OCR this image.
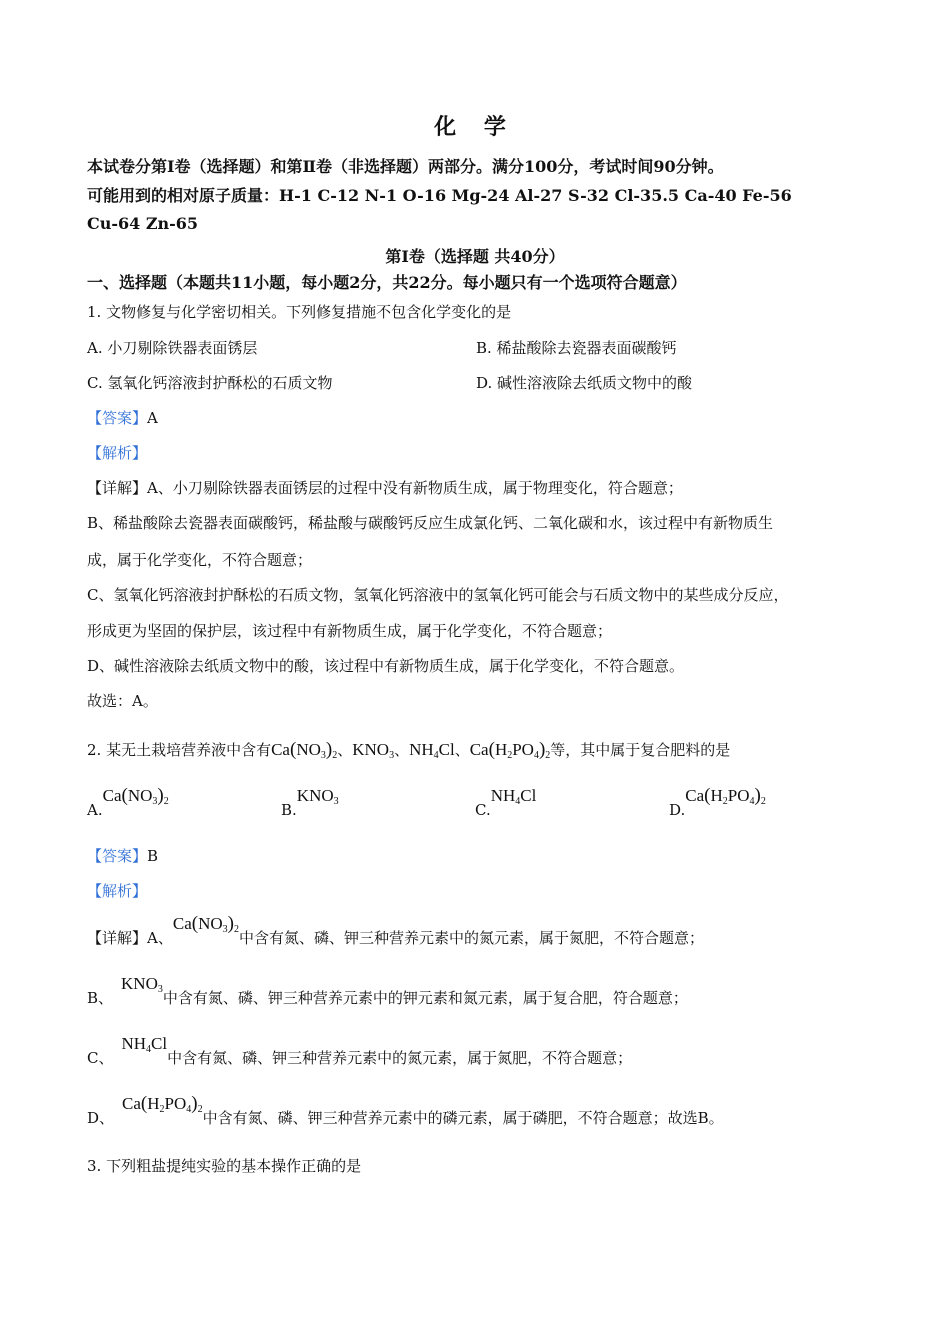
化 学
本试卷分第Ⅰ卷（选择题）和第Ⅱ卷（非选择题）两部分。满分100分，考试时间90分钟。
可能用到的相对原子质量：H-1 C-12 N-1 O-16 Mg-24 Al-27 S-32 Cl-35.5 Ca-40 Fe-56
Cu-64 Zn-65
第Ⅰ卷（选择题 共40分）
一、选择题（本题共11小题，每小题2分，共22分。每小题只有一个选项符合题意）
1. 文物修复与化学密切相关。下列修复措施不包含化学变化的是
A. 小刀剔除铁器表面锈层	B. 稀盐酸除去瓷器表面碳酸钙
C. 氢氧化钙溶液封护酥松的石质文物	D. 碱性溶液除去纸质文物中的酸
【答案】A
【解析】
【详解】A、小刀剔除铁器表面锈层的过程中没有新物质生成，属于物理变化，符合题意；
B、稀盐酸除去瓷器表面碳酸钙，稀盐酸与碳酸钙反应生成氯化钙、二氧化碳和水，该过程中有新物质生
成，属于化学变化，不符合题意；
C、氢氧化钙溶液封护酥松的石质文物，氢氧化钙溶液中的氢氧化钙可能会与石质文物中的某些成分反应，
形成更为坚固的保护层，该过程中有新物质生成，属于化学变化，不符合题意；
D、碱性溶液除去纸质文物中的酸，该过程中有新物质生成，属于化学变化，不符合题意。
故选：A。
2. 某无土栽培营养液中含有$Ca(NO_3)_2$、$KNO_3$、$NH_4Cl$、$Ca(H_2PO_4)_2$等，其中属于复合肥料的是
$A.Ca(NO_3)_2$	$B.KNO_3$	$C.NH_4Cl$
$D.Ca(H_2PO_4)_2$
【答案】B
【解析】
【详解】A、$Ca(NO_3)_2$中含有氮、磷、钾三种营养元素中的氮元素，属于氮肥，不符合题意；
B、$KNO_3$中含有氮、磷、钾三种营养元素中的钾元素和氮元素，属于复合肥，符合题意；
C、$NH_4Cl$中含有氮、磷、钾三种营养元素中的氮元素，属于氮肥，不符合题意；
D、$Ca(H_2PO_4)_2$中含有氮、磷、钾三种营养元素中的磷元素，属于磷肥，不符合题意；故选B。
3. 下列粗盐提纯实验的基本操作正确的是
